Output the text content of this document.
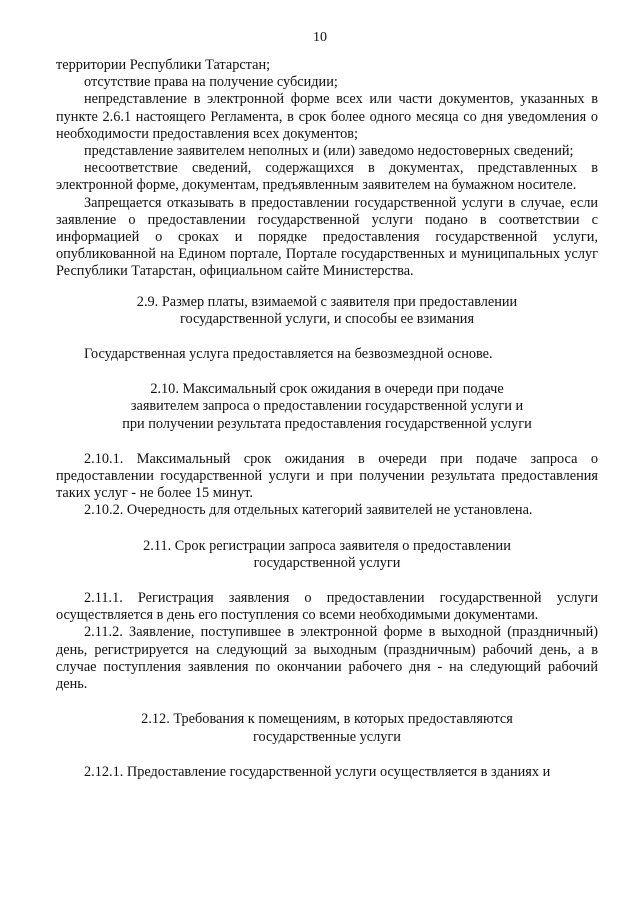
10

территории Республики Татарстан;

отсутствие права на получение субсидии;

непредставление в электронной форме всех или части документов, указанных в пункте 2.6.1 настоящего Регламента, в срок более одного месяца со дня уведомления о необходимости предоставления всех документов;

представление заявителем неполных и (или) заведомо недостоверных сведений;

несоответствие сведений, содержащихся в документах, представленных в электронной форме, документам, предъявленным заявителем на бумажном носителе.

Запрещается отказывать в предоставлении государственной услуги в случае, если заявление о предоставлении государственной услуги подано в соответствии с информацией о сроках и порядке предоставления государственной услуги, опубликованной на Едином портале, Портале государственных и муниципальных услуг Республики Татарстан, официальном сайте Министерства.

2.9. Размер платы, взимаемой с заявителя при предоставлении государственной услуги, и способы ее взимания

Государственная услуга предоставляется на безвозмездной основе.

2.10. Максимальный срок ожидания в очереди при подаче заявителем запроса о предоставлении государственной услуги и при получении результата предоставления государственной услуги

2.10.1. Максимальный срок ожидания в очереди при подаче запроса о предоставлении государственной услуги и при получении результата предоставления таких услуг - не более 15 минут.

2.10.2. Очередность для отдельных категорий заявителей не установлена.

2.11. Срок регистрации запроса заявителя о предоставлении государственной услуги

2.11.1. Регистрация заявления о предоставлении государственной услуги осуществляется в день его поступления со всеми необходимыми документами.

2.11.2. Заявление, поступившее в электронной форме в выходной (праздничный) день, регистрируется на следующий за выходным (праздничным) рабочий день, а в случае поступления заявления по окончании рабочего дня - на следующий рабочий день.

2.12. Требования к помещениям, в которых предоставляются государственные услуги

2.12.1. Предоставление государственной услуги осуществляется в зданиях и
